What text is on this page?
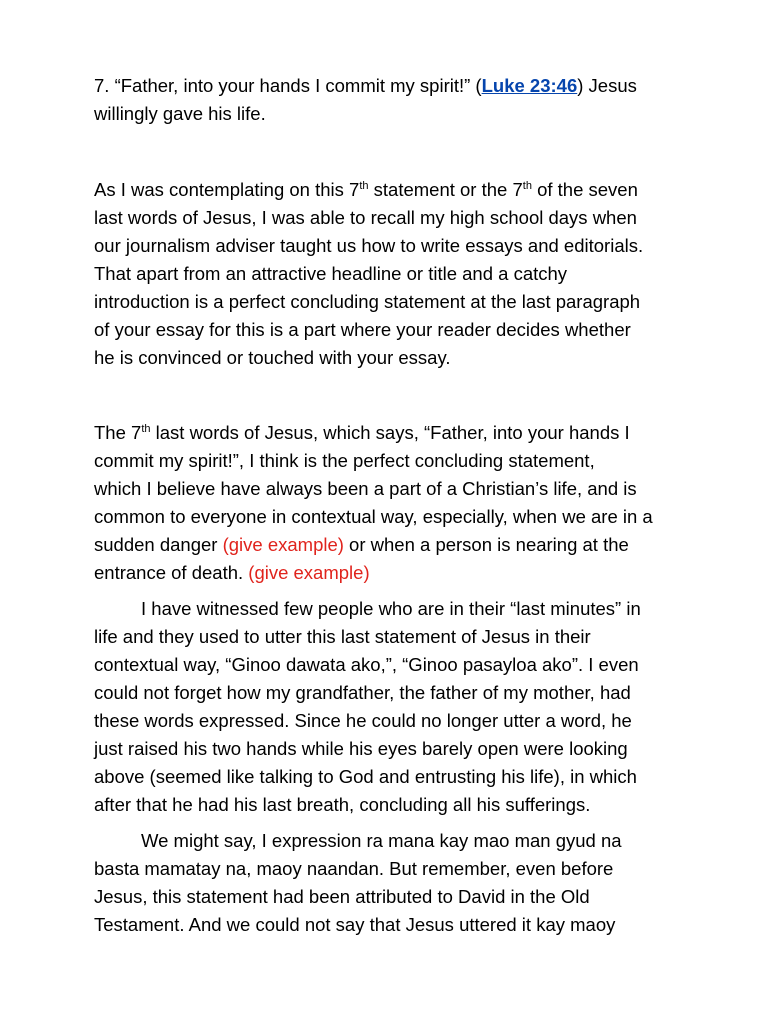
7. “Father, into your hands I commit my spirit!” (Luke 23:46) Jesus
willingly gave his life.

As I was contemplating on this 7th statement or the 7th of the seven
last words of Jesus, I was able to recall my high school days when
our journalism adviser taught us how to write essays and editorials.
That apart from an attractive headline or title and a catchy
introduction is a perfect concluding statement at the last paragraph
of your essay for this is a part where your reader decides whether
he is convinced or touched with your essay.

The 7th last words of Jesus, which says, “Father, into your hands I
commit my spirit!”, I think is the perfect concluding statement,
which I believe have always been a part of a Christian’s life, and is
common to everyone in contextual way, especially, when we are in a
sudden danger (give example) or when a person is nearing at the
entrance of death. (give example)

I have witnessed few people who are in their “last minutes” in
life and they used to utter this last statement of Jesus in their
contextual way, “Ginoo dawata ako,”, “Ginoo pasayloa ako”. I even
could not forget how my grandfather, the father of my mother, had
these words expressed. Since he could no longer utter a word, he
just raised his two hands while his eyes barely open were looking
above (seemed like talking to God and entrusting his life), in which
after that he had his last breath, concluding all his sufferings.

We might say, I expression ra mana kay mao man gyud na
basta mamatay na, maoy naandan. But remember, even before
Jesus, this statement had been attributed to David in the Old
Testament. And we could not say that Jesus uttered it kay maoy
